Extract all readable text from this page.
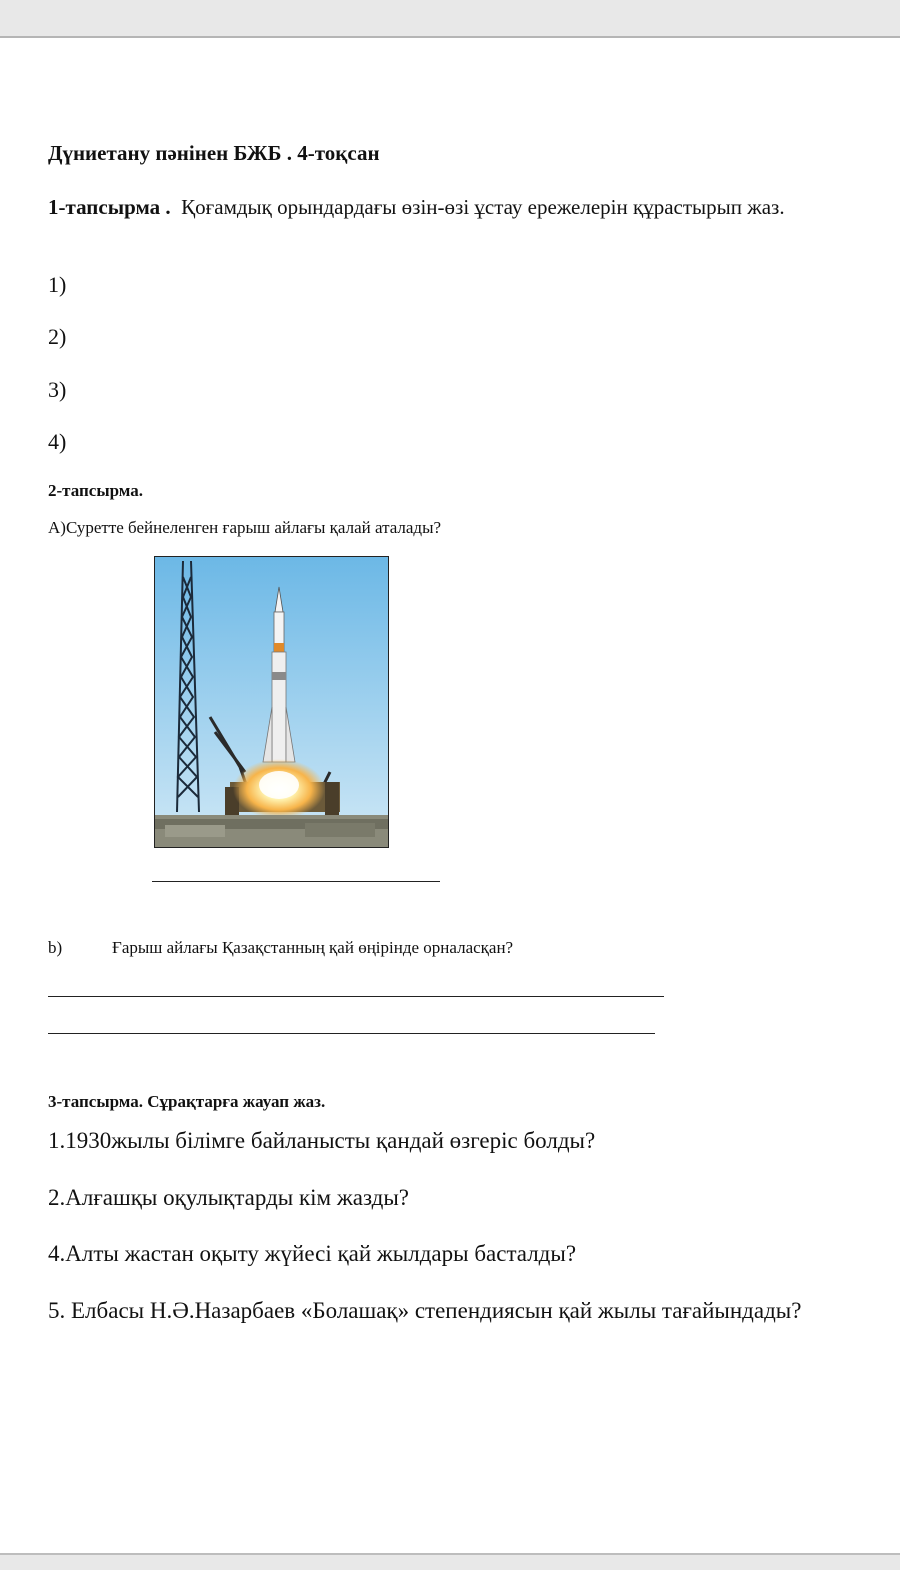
Дүниетану пәнінен БЖБ . 4-тоқсан
1-тапсырма . Қоғамдық орындардағы өзін-өзі ұстау ережелерін құрастырып жаз.
1)
2)
3)
4)
2-тапсырма.
А)Суретте бейнеленген ғарыш айлағы қалай аталады?
b)	Ғарыш айлағы Қазақстанның қай өңірінде орналасқан?
3-тапсырма. Сұрақтарға жауап жаз.
1.1930жылы білімге байланысты қандай өзгеріс болды?
2.Алғашқы оқулықтарды кім жазды?
4.Алты жастан оқыту жүйесі қай жылдары басталды?
5. Елбасы Н.Ә.Назарбаев «Болашақ» степендиясын қай жылы тағайындады?
